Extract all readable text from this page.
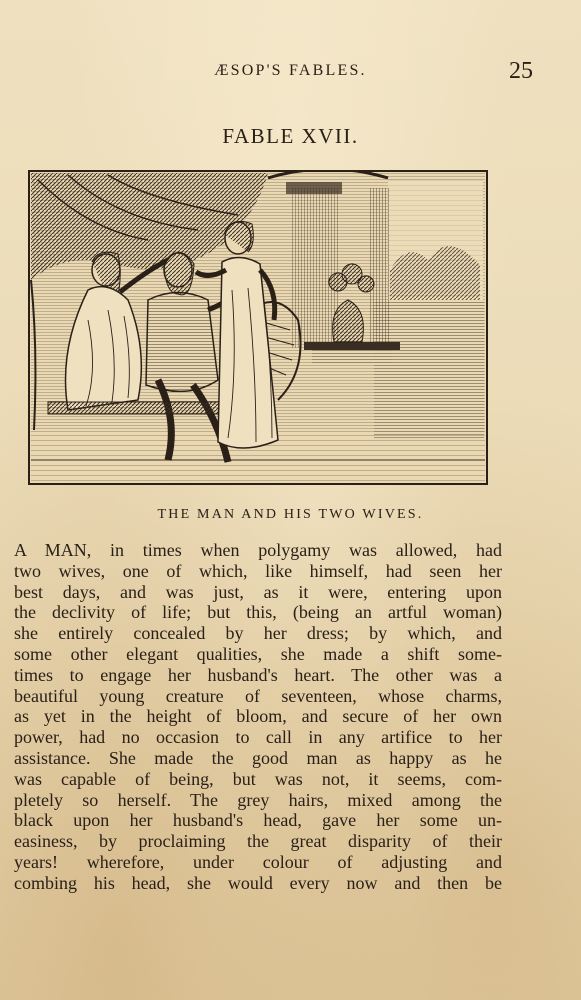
ÆSOP'S FABLES.	25
FABLE XVII.
THE MAN AND HIS TWO WIVES.
A MAN, in times when polygamy was allowed, had
two wives, one of which, like himself, had seen her
best days, and was just, as it were, entering upon
the declivity of life; but this, (being an artful woman)
she entirely concealed by her dress; by which, and
some other elegant qualities, she made a shift some-
times to engage her husband's heart. The other was a
beautiful young creature of seventeen, whose charms,
as yet in the height of bloom, and secure of her own
power, had no occasion to call in any artifice to her
assistance. She made the good man as happy as he
was capable of being, but was not, it seems, com-
pletely so herself. The grey hairs, mixed among the
black upon her husband's head, gave her some un-
easiness, by proclaiming the great disparity of their
years! wherefore, under colour of adjusting and
combing his head, she would every now and then be
